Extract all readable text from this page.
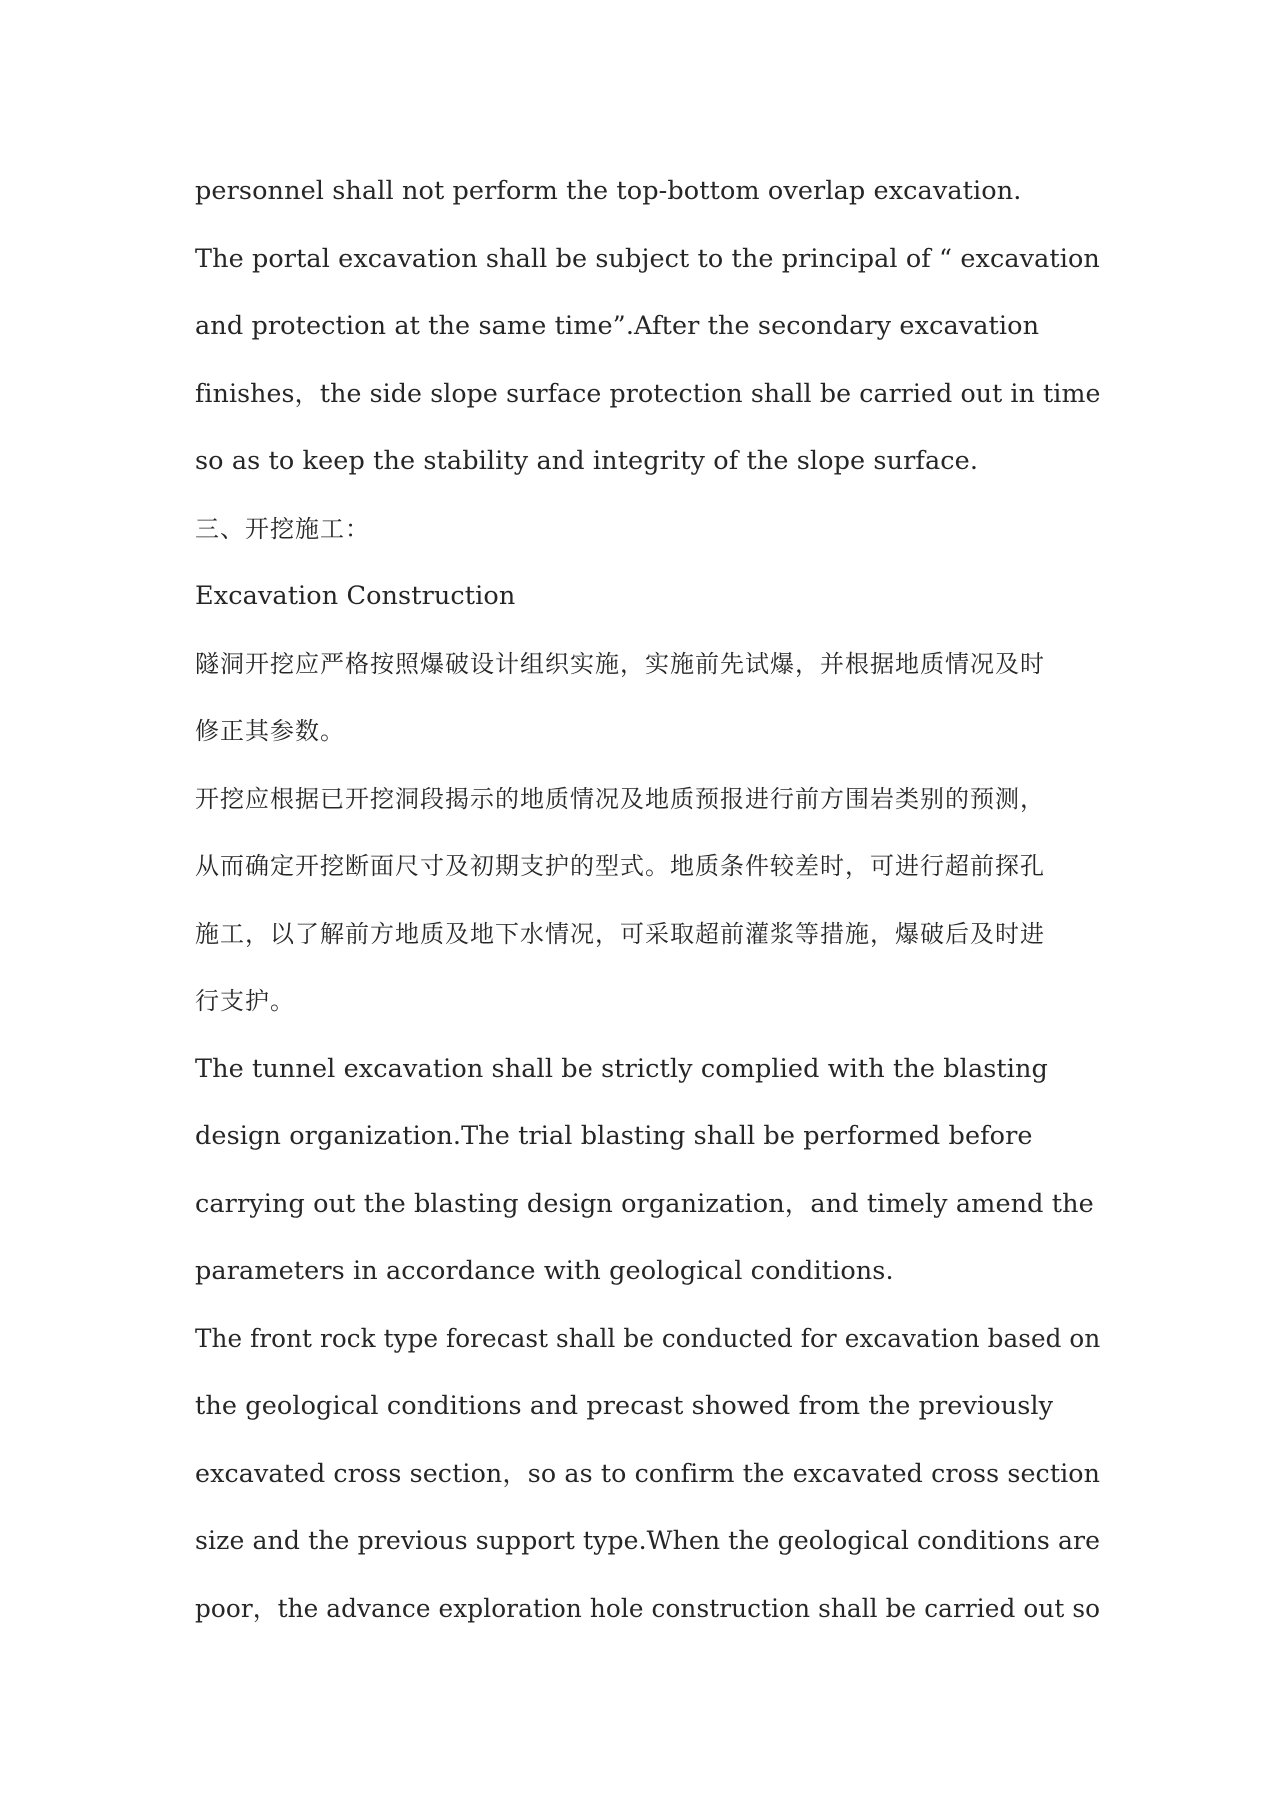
personnel shall not perform the top-bottom overlap excavation.
The portal excavation shall be subject to the principal of “ excavation
and protection at the same time”.After the secondary excavation
finishes，the side slope surface protection shall be carried out in time
so as to keep the stability and integrity of the slope surface.
三、开挖施工：
Excavation Construction
隧洞开挖应严格按照爆破设计组织实施，实施前先试爆，并根据地质情况及时
修正其参数。
开挖应根据已开挖洞段揭示的地质情况及地质预报进行前方围岩类别的预测，
从而确定开挖断面尺寸及初期支护的型式。地质条件较差时，可进行超前探孔
施工，以了解前方地质及地下水情况，可采取超前灌浆等措施，爆破后及时进
行支护。
The tunnel excavation shall be strictly complied with the blasting
design organization.The trial blasting shall be performed before
carrying out the blasting design organization，and timely amend the
parameters in accordance with geological conditions.
The front rock type forecast shall be conducted for excavation based on
the geological conditions and precast showed from the previously
excavated cross section，so as to confirm the excavated cross section
size and the previous support type.When the geological conditions are
poor，the advance exploration hole construction shall be carried out so
